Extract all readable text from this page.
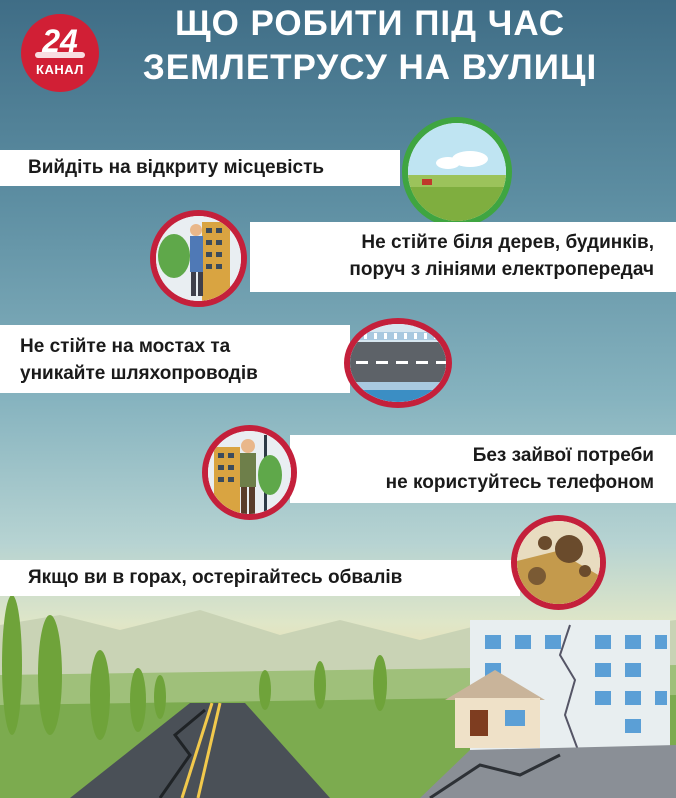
24
КАНАЛ
ЩО РОБИТИ ПІД ЧАС
ЗЕМЛЕТРУСУ НА ВУЛИЦІ
Вийдіть на відкриту місцевість
Не стійте біля дерев, будинків,
поруч з лініями електропередач
Не стійте на мостах та
уникайте шляхопроводів
Без зайвої потреби
не користуйтесь телефоном
Якщо ви в горах, остерігайтесь обвалів
